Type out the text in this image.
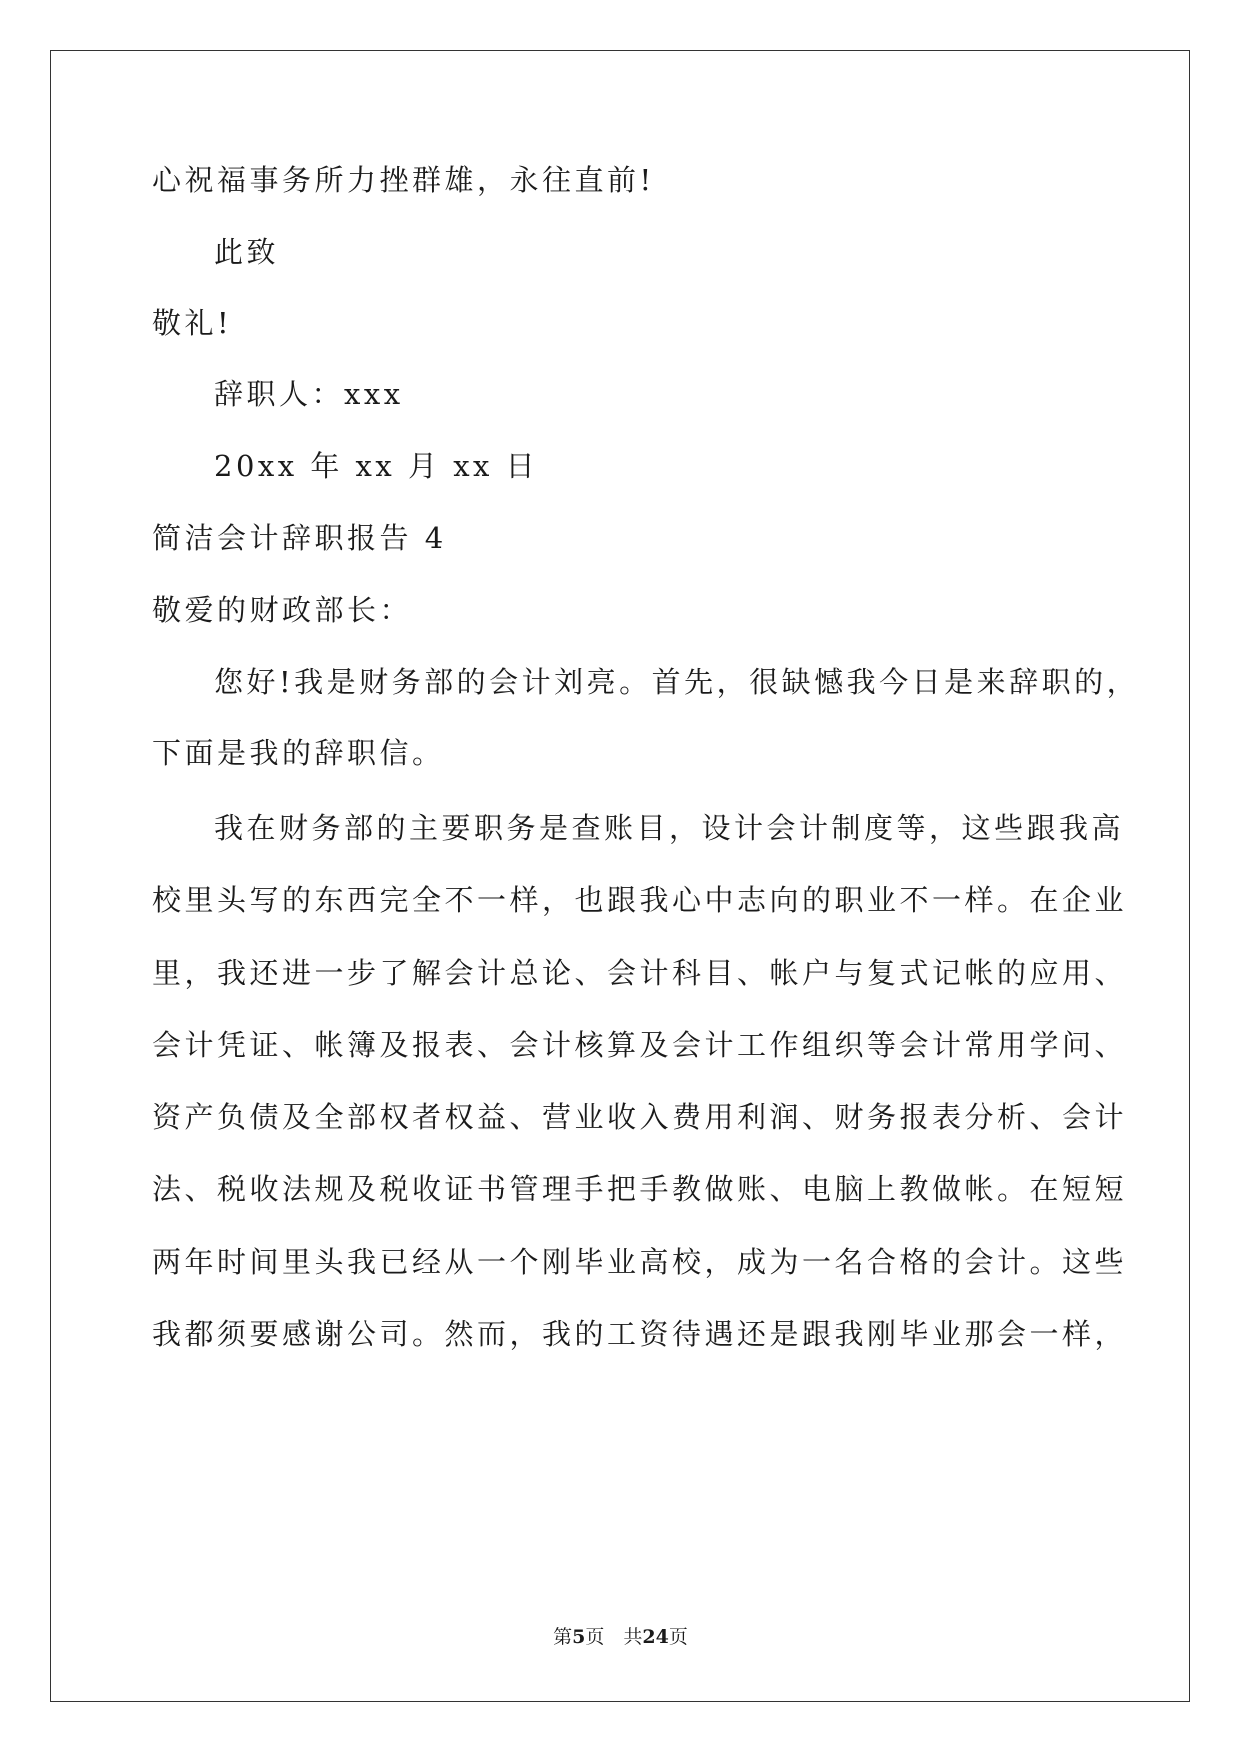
心祝福事务所力挫群雄，永往直前!
此致
敬礼!
辞职人：xxx
20xx 年 xx 月 xx 日
简洁会计辞职报告 4
敬爱的财政部长：
您好!我是财务部的会计刘亮。首先，很缺憾我今日是来辞职的，
下面是我的辞职信。
我在财务部的主要职务是查账目，设计会计制度等，这些跟我高
校里头写的东西完全不一样，也跟我心中志向的职业不一样。在企业
里，我还进一步了解会计总论、会计科目、帐户与复式记帐的应用、
会计凭证、帐簿及报表、会计核算及会计工作组织等会计常用学问、
资产负债及全部权者权益、营业收入费用利润、财务报表分析、会计
法、税收法规及税收证书管理手把手教做账、电脑上教做帐。在短短
两年时间里头我已经从一个刚毕业高校，成为一名合格的会计。这些
我都须要感谢公司。然而，我的工资待遇还是跟我刚毕业那会一样，
第5页　共24页
